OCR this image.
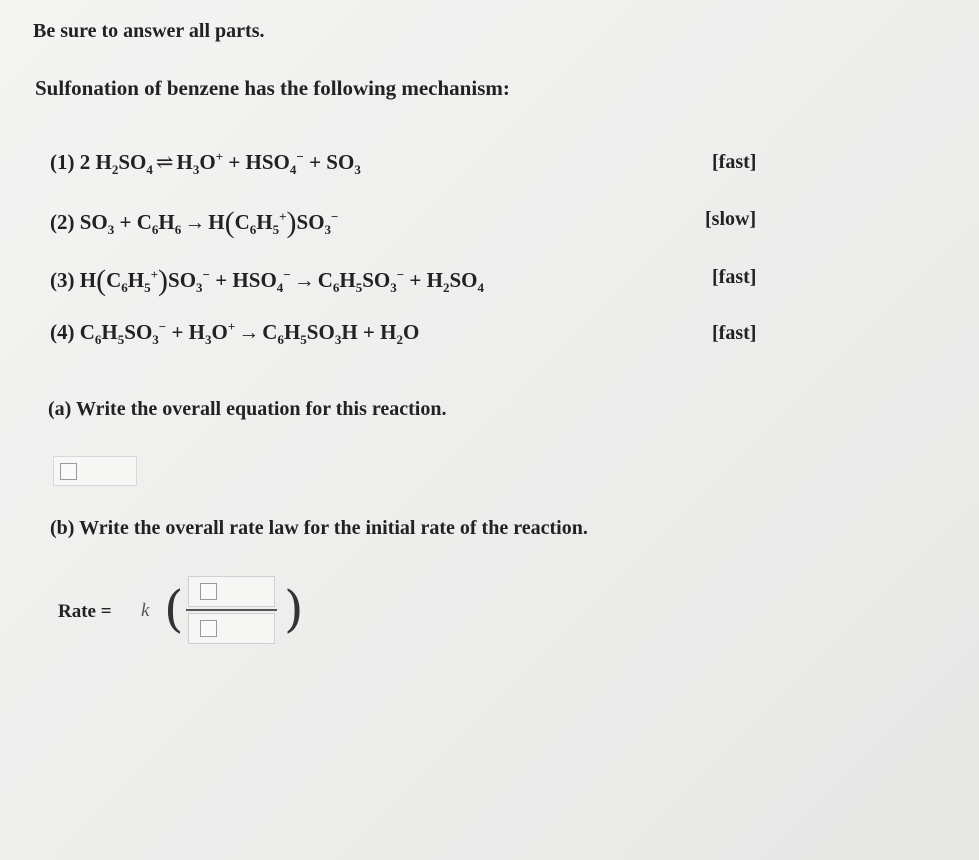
Be sure to answer all parts.
Sulfonation of benzene has the following mechanism:
(1) 2 $H_2SO_4$ ⇌ $H_3O^+ + HSO_4^- + SO_3$	[fast]
(2) $SO_3 + C_6H_6 \to H(C_6H_5^+)SO_3^-$	[slow]
(3) $H(C_6H_5^+)SO_3^- + HSO_4^- \to C_6H_5SO_3^- + H_2SO_4$	[fast]
(4) $C_6H_5SO_3^- + H_3O^+ \to C_6H_5SO_3H + H_2O$	[fast]
(a) Write the overall equation for this reaction.
(b) Write the overall rate law for the initial rate of the reaction.
Rate = k ( )
